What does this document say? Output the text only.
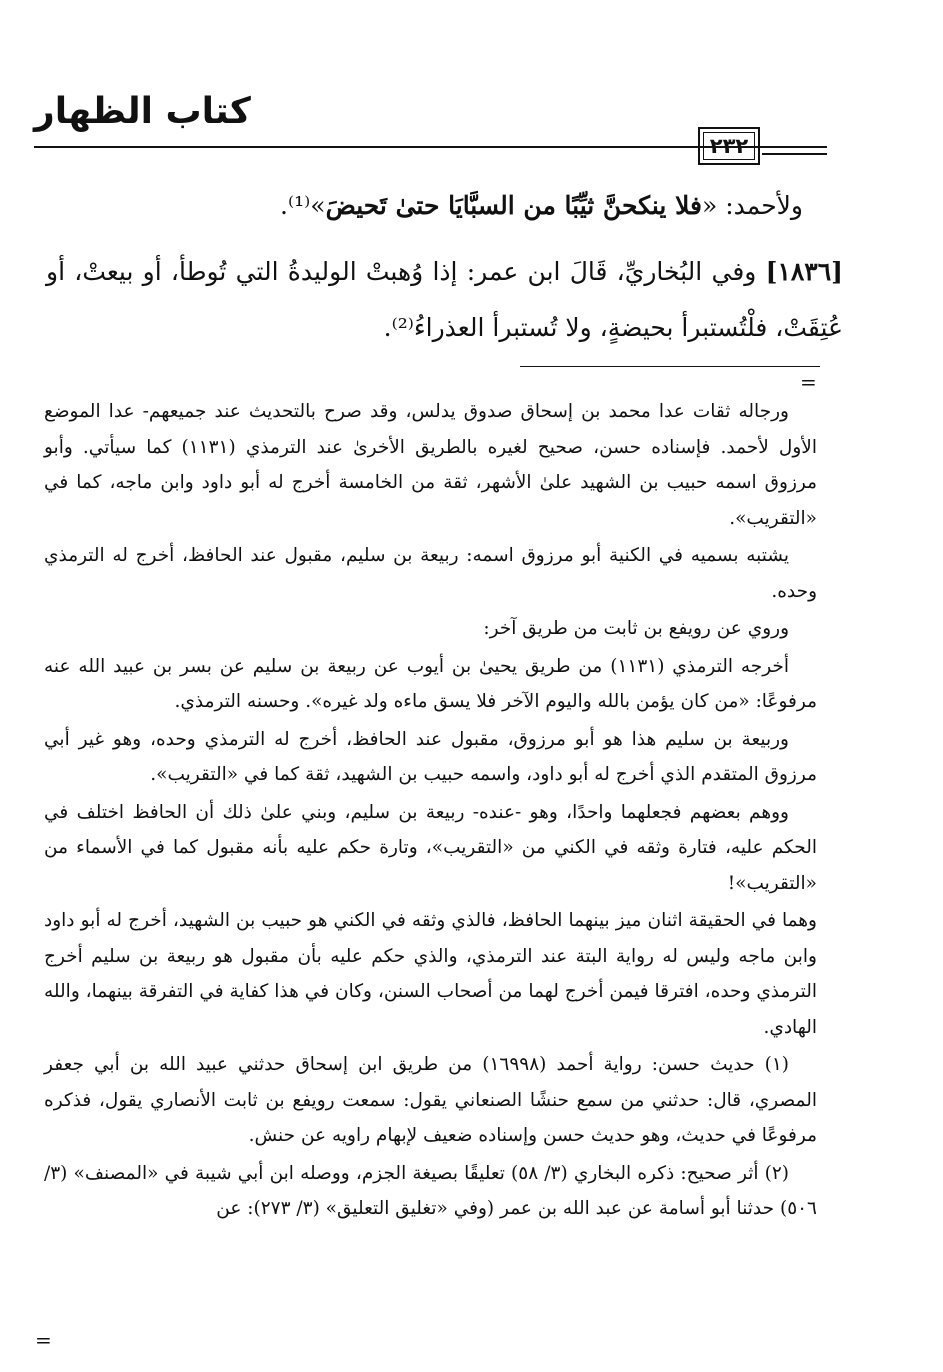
كتاب الظهار
٢٣٢

ولأحمد: «فلا ينكحنَّ ثيِّبًا من السبَّايَا حتىٰ تَحيضَ»⁽¹⁾.

[١٨٣٦] وفي البُخاريِّ، قَالَ ابن عمر: إذا وُهبتْ الوليدةُ التي تُوطأ، أو بيعتْ، أو عُتِقَتْ، فلْتُستبرأ بحيضةٍ، ولا تُستبرأ العذراءُ⁽²⁾.

=

ورجاله ثقات عدا محمد بن إسحاق صدوق يدلس، وقد صرح بالتحديث عند جميعهم- عدا الموضع الأول لأحمد. فإسناده حسن، صحيح لغيره بالطريق الأخرىٰ عند الترمذي (١١٣١) كما سيأتي. وأبو مرزوق اسمه حبيب بن الشهيد علىٰ الأشهر، ثقة من الخامسة أخرج له أبو داود وابن ماجه، كما في «التقريب».

يشتبه بسميه في الكنية أبو مرزوق اسمه: ربيعة بن سليم، مقبول عند الحافظ، أخرج له الترمذي وحده.

وروي عن رويفع بن ثابت من طريق آخر:

أخرجه الترمذي (١١٣١) من طريق يحيىٰ بن أيوب عن ربيعة بن سليم عن بسر بن عبيد الله عنه مرفوعًا: «من كان يؤمن بالله واليوم الآخر فلا يسق ماءه ولد غيره». وحسنه الترمذي.

وربيعة بن سليم هذا هو أبو مرزوق، مقبول عند الحافظ، أخرج له الترمذي وحده، وهو غير أبي مرزوق المتقدم الذي أخرج له أبو داود، واسمه حبيب بن الشهيد، ثقة كما في «التقريب».

ووهم بعضهم فجعلهما واحدًا، وهو -عنده- ربيعة بن سليم، وبني علىٰ ذلك أن الحافظ اختلف في الحكم عليه، فتارة وثقه في الكني من «التقريب»، وتارة حكم عليه بأنه مقبول كما في الأسماء من «التقريب»!

وهما في الحقيقة اثنان ميز بينهما الحافظ، فالذي وثقه في الكني هو حبيب بن الشهيد، أخرج له أبو داود وابن ماجه وليس له رواية البتة عند الترمذي، والذي حكم عليه بأن مقبول هو ربيعة بن سليم أخرج الترمذي وحده، افترقا فيمن أخرج لهما من أصحاب السنن، وكان في هذا كفاية في التفرقة بينهما، والله الهادي.

(١) حديث حسن: رواية أحمد (١٦٩٩٨) من طريق ابن إسحاق حدثني عبيد الله بن أبي جعفر المصري، قال: حدثني من سمع حنشًا الصنعاني يقول: سمعت رويفع بن ثابت الأنصاري يقول، فذكره مرفوعًا في حديث، وهو حديث حسن وإسناده ضعيف لإبهام راويه عن حنش.

(٢) أثر صحيح: ذكره البخاري (٣/ ٥٨) تعليقًا بصيغة الجزم، ووصله ابن أبي شيبة في «المصنف» (٣/ ٥٠٦) حدثنا أبو أسامة عن عبد الله بن عمر (وفي «تغليق التعليق» (٣/ ٢٧٣): عن

=
